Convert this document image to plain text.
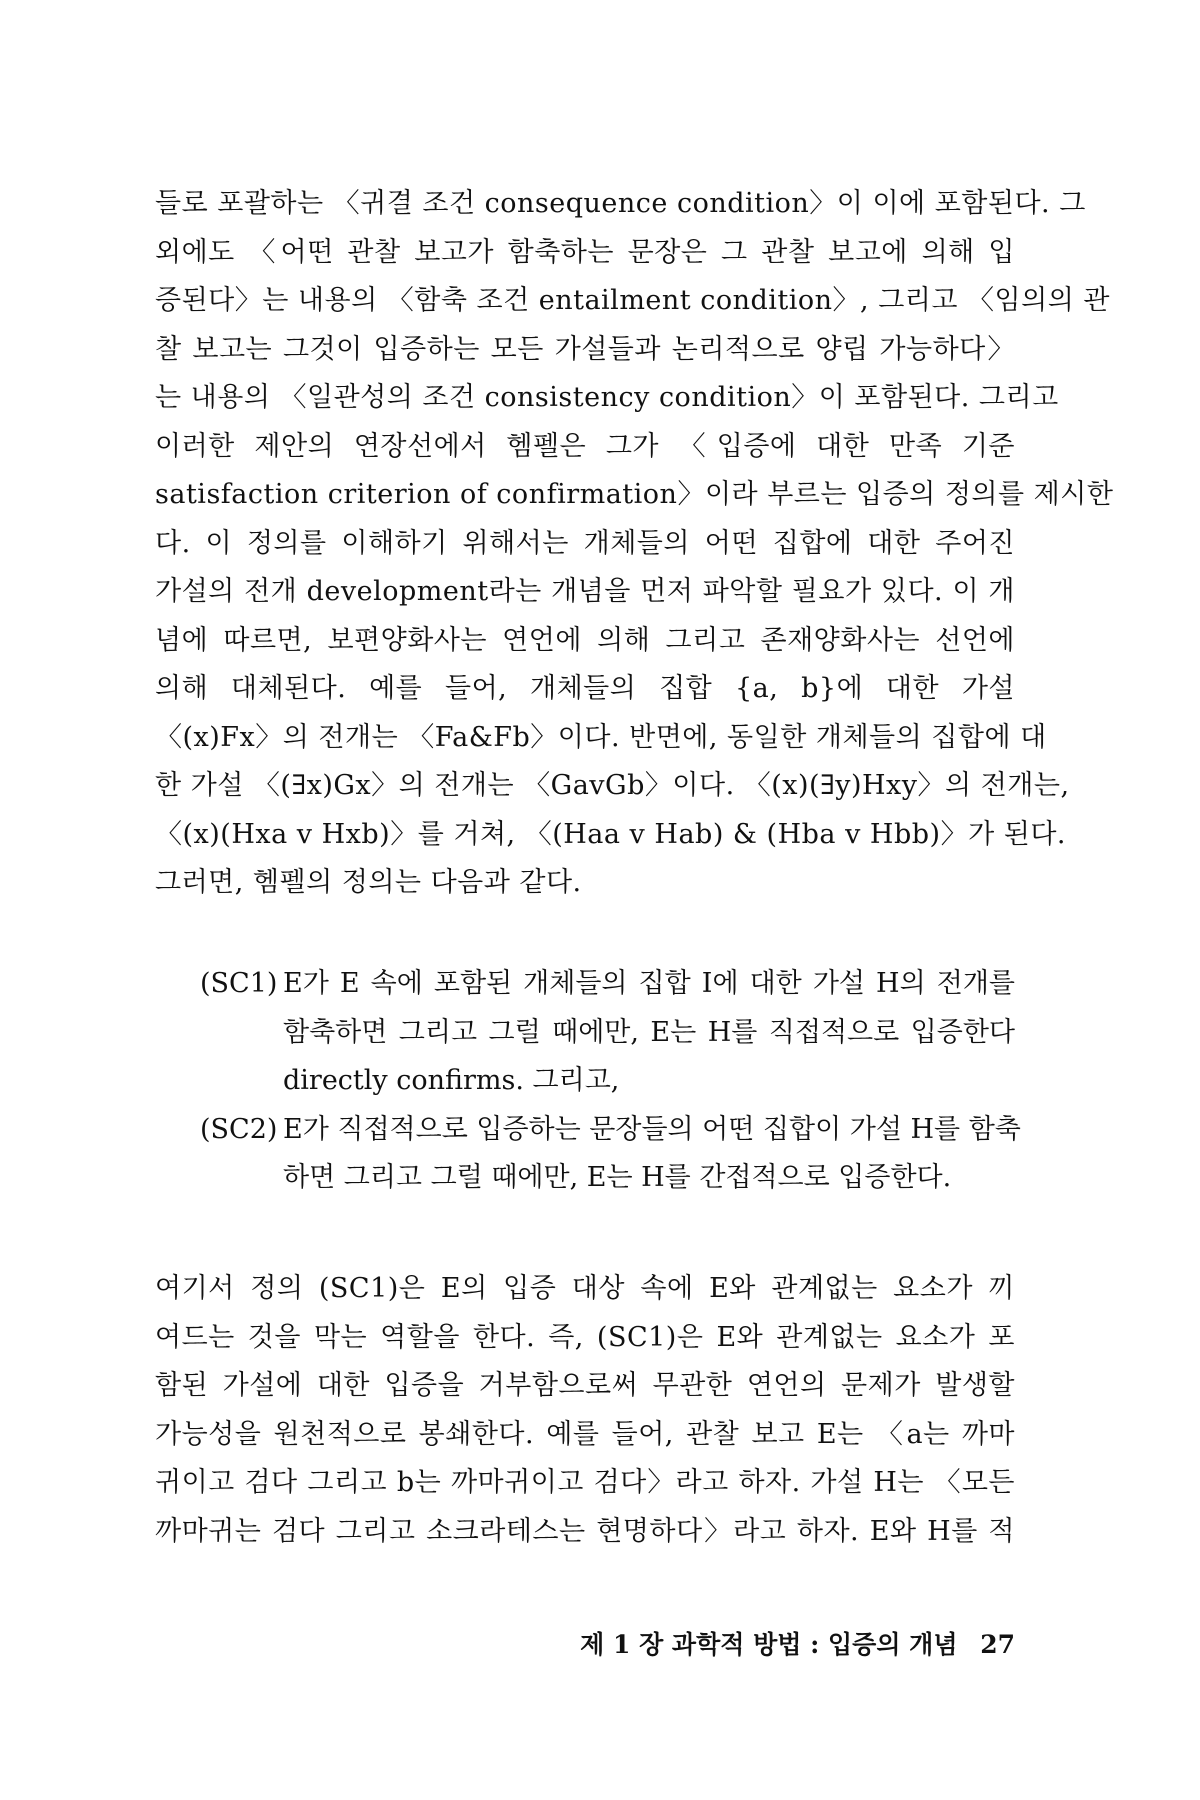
들로 포괄하는 〈귀결 조건 consequence condition〉이 이에 포함된다. 그
외에도 〈어떤 관찰 보고가 함축하는 문장은 그 관찰 보고에 의해 입
증된다〉는 내용의 〈함축 조건 entailment condition〉, 그리고 〈임의의 관
찰 보고는 그것이 입증하는 모든 가설들과 논리적으로 양립 가능하다〉
는 내용의 〈일관성의 조건 consistency condition〉이 포함된다. 그리고
이러한 제안의 연장선에서 헴펠은 그가 〈입증에 대한 만족 기준
satisfaction criterion of confirmation〉이라 부르는 입증의 정의를 제시한
다. 이 정의를 이해하기 위해서는 개체들의 어떤 집합에 대한 주어진
가설의 전개 development라는 개념을 먼저 파악할 필요가 있다. 이 개
념에 따르면, 보편양화사는 연언에 의해 그리고 존재양화사는 선언에
의해 대체된다. 예를 들어, 개체들의 집합 {a, b}에 대한 가설
〈(x)Fx〉의 전개는 〈Fa&Fb〉이다. 반면에, 동일한 개체들의 집합에 대
한 가설 〈(∃x)Gx〉의 전개는 〈GavGb〉이다. 〈(x)(∃y)Hxy〉의 전개는,
〈(x)(Hxa v Hxb)〉를 거쳐, 〈(Haa v Hab) & (Hba v Hbb)〉가 된다.
그러면, 헴펠의 정의는 다음과 같다.
(SC1) E가 E 속에 포함된 개체들의 집합 I에 대한 가설 H의 전개를
함축하면 그리고 그럴 때에만, E는 H를 직접적으로 입증한다
directly confirms. 그리고,
(SC2) E가 직접적으로 입증하는 문장들의 어떤 집합이 가설 H를 함축
하면 그리고 그럴 때에만, E는 H를 간접적으로 입증한다.
여기서 정의 (SC1)은 E의 입증 대상 속에 E와 관계없는 요소가 끼
여드는 것을 막는 역할을 한다. 즉, (SC1)은 E와 관계없는 요소가 포
함된 가설에 대한 입증을 거부함으로써 무관한 연언의 문제가 발생할
가능성을 원천적으로 봉쇄한다. 예를 들어, 관찰 보고 E는 〈a는 까마
귀이고 검다 그리고 b는 까마귀이고 검다〉라고 하자. 가설 H는 〈모든
까마귀는 검다 그리고 소크라테스는 현명하다〉라고 하자. E와 H를 적
제 1 장 과학적 방법 : 입증의 개념 27
